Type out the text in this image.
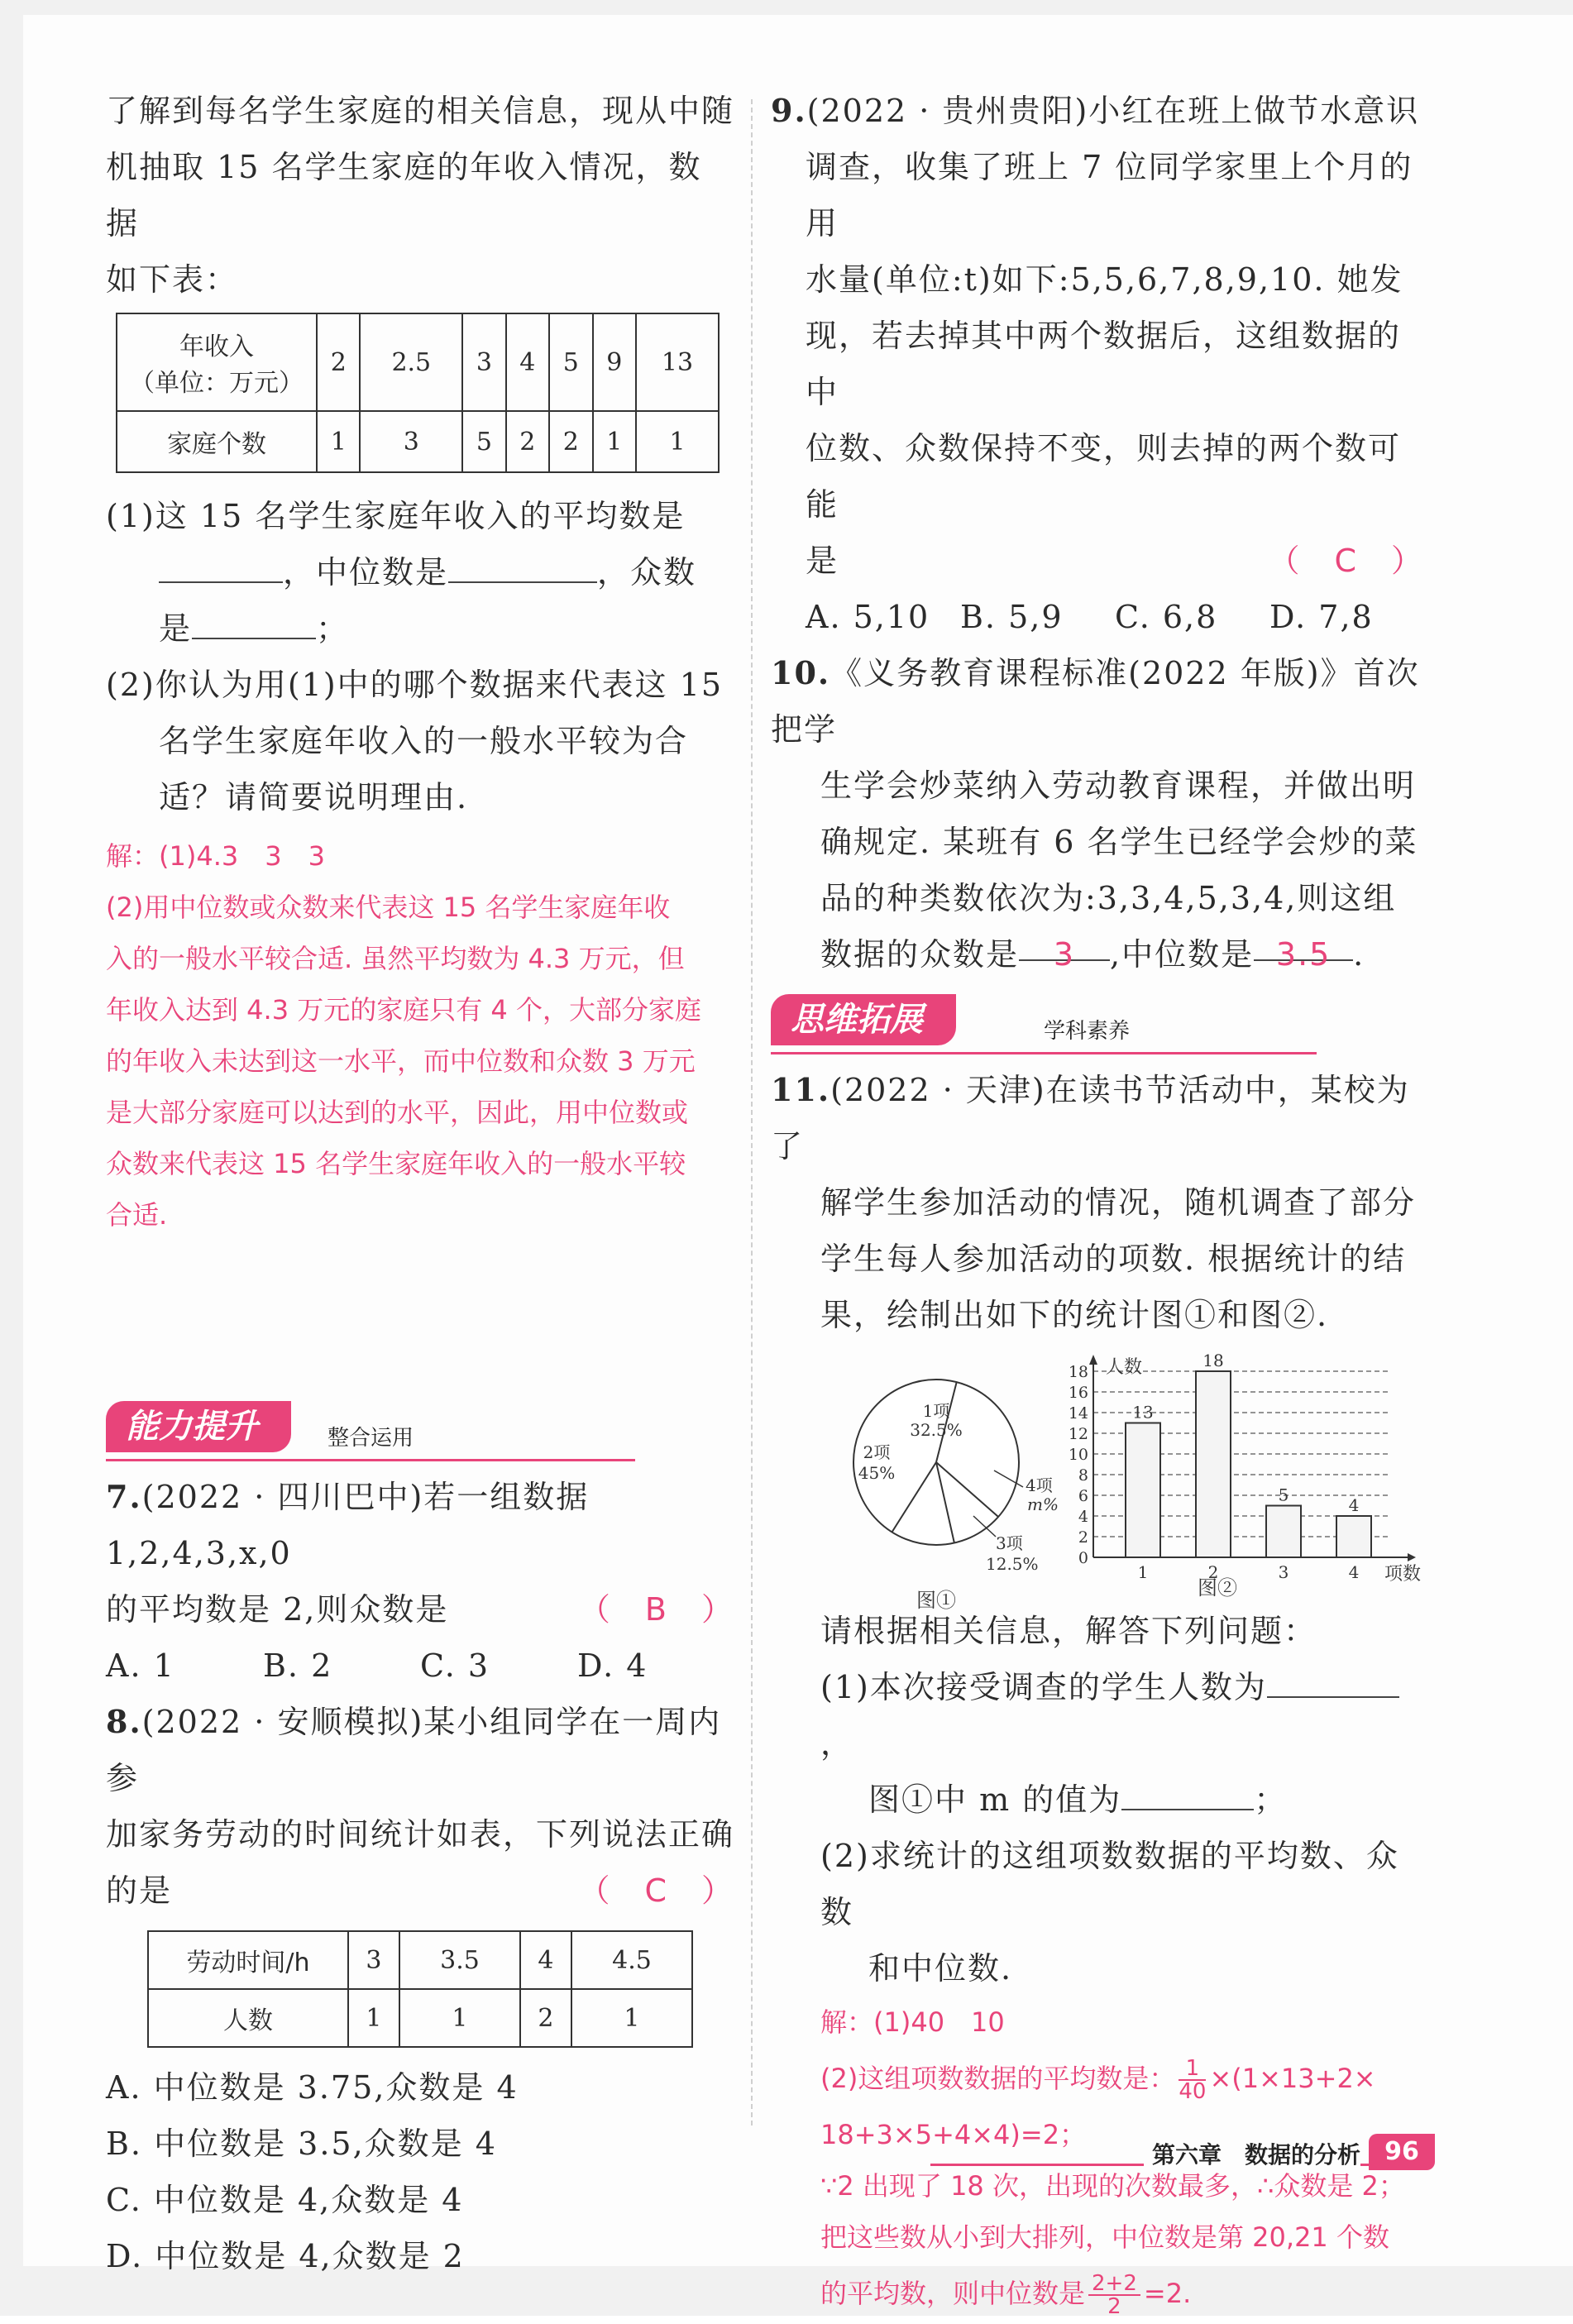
了解到每名学生家庭的相关信息，现从中随
机抽取 15 名学生家庭的年收入情况，数据
如下表：
年收入
（单位：万元）	2	2.5	3	4	5	9	13
家庭个数	1	3	5	2	2	1	1
(1)这 15 名学生家庭年收入的平均数是
，中位数是	，众数
是	；
(2)你认为用(1)中的哪个数据来代表这 15
名学生家庭年收入的一般水平较为合
适？请简要说明理由.
解：(1)4.3　3　3
(2)用中位数或众数来代表这 15 名学生家庭年收
入的一般水平较合适. 虽然平均数为 4.3 万元，但
年收入达到 4.3 万元的家庭只有 4 个，大部分家庭
的年收入未达到这一水平，而中位数和众数 3 万元
是大部分家庭可以达到的水平，因此，用中位数或
众数来代表这 15 名学生家庭年收入的一般水平较
合适.
能力提升	整合运用
7.(2022 · 四川巴中)若一组数据 1,2,4,3,x,0
的平均数是 2,则众数是	（　B　）
A. 1	B. 2	C. 3	D. 4
8.(2022 · 安顺模拟)某小组同学在一周内参
加家务劳动的时间统计如表，下列说法正确
的是	（　C　）
劳动时间/h	3	3.5	4	4.5
人数	1	1	2	1
A. 中位数是 3.75,众数是 4
B. 中位数是 3.5,众数是 4
C. 中位数是 4,众数是 4
D. 中位数是 4,众数是 2
9.(2022 · 贵州贵阳)小红在班上做节水意识
调查，收集了班上 7 位同学家里上个月的用
水量(单位:t)如下:5,5,6,7,8,9,10. 她发
现，若去掉其中两个数据后，这组数据的中
位数、众数保持不变，则去掉的两个数可能
是	（　C　）
A. 5,10 B. 5,9	C. 6,8	D. 7,8
10.《义务教育课程标准(2022 年版)》首次把学
生学会炒菜纳入劳动教育课程，并做出明
确规定. 某班有 6 名学生已经学会炒的菜
品的种类数依次为:3,3,4,5,3,4,则这组
数据的众数是 3 ,中位数是 3.5 .
思维拓展	学科素养
11.(2022 · 天津)在读书节活动中，某校为了
解学生参加活动的情况，随机调查了部分
学生每人参加活动的项数. 根据统计的结
果，绘制出如下的统计图①和图②.
1项
32.5%
2项
45%
4项
m%
3项
12.5%
图①
0
2
4
6
8
10
12
14
16
18
13
18
5
4
1	2	3	4
人数
项数
图②
请根据相关信息，解答下列问题：
(1)本次接受调查的学生人数为，
图①中 m 的值为	；
(2)求统计的这组项数数据的平均数、众数
和中位数.
解：(1)40　10
(2)这组项数数据的平均数是： $\frac{1}{40} \times(1\times 13+2\times$
18+3×5+4×4)=2；
∵2 出现了 18 次，出现的次数最多，∴众数是 2；
把这些数从小到大排列，中位数是第 20,21 个数
的平均数，则中位数是 $\frac{2+2}{2} =2$.
第六章　数据的分析 96
